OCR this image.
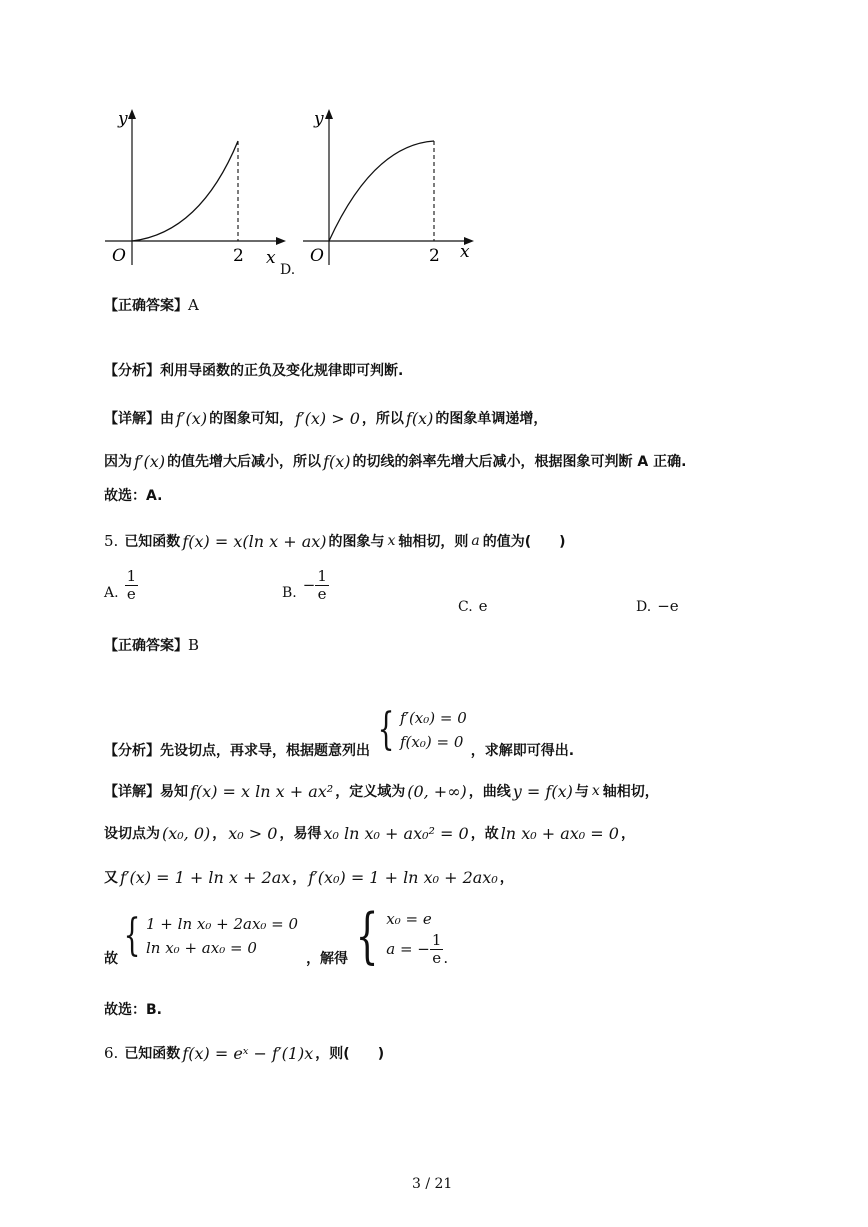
y
x
O	2
D.
y
x
O	2
【正确答案】 A
【分析】 利用导函数的正负及变化规律即可判断.
【详解】 由 f′(x) 的图象可知， f′(x) > 0 ，所以 f(x) 的图象单调递增，
因为 f′(x) 的值先增大后减小，所以 f(x) 的切线的斜率先增大后减小，根据图象可判断 A 正确.
故选：A.
5. 已知函数 f(x) = x(ln x + ax) 的图象与 x 轴相切，则 a 的值为(　　)
A. $\frac{1}{e}$	B. − $\frac{1}{e}$
C. e	D. −e
【正确答案】 B
【分析】 先设切点，再求导，根据题意列出 { f′(x₀) = 0
f(x₀) = 0 ，求解即可得出.
【详解】 易知 f(x) = x ln x + ax² ，定义域为 (0, +∞) ，曲线 y = f(x) 与 x 轴相切，
设切点为 (x₀, 0) ， x₀ > 0 ，易得 x₀ ln x₀ + ax₀² = 0 ，故 ln x₀ + ax₀ = 0 ，
又 f′(x) = 1 + ln x + 2ax ， f′(x₀) = 1 + ln x₀ + 2ax₀ ，
故 { 1 + ln x₀ + 2ax₀ = 0
ln x₀ + ax₀ = 0
，解得 { x₀ = e
a = − $\frac{1}{e}$ .
故选：B.
6. 已知函数 f(x) = eˣ − f′(1)x ，则(　　)
3 / 21
